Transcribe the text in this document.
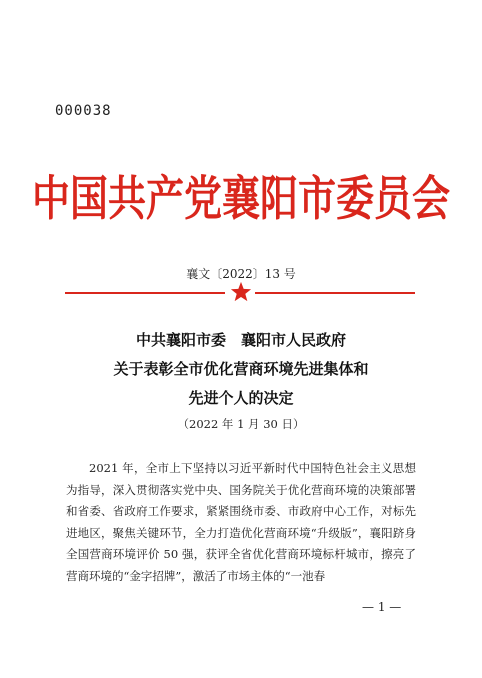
000038
中国共产党襄阳市委员会
襄文〔2022〕13 号
中共襄阳市委　襄阳市人民政府
关于表彰全市优化营商环境先进集体和
先进个人的决定
（2022 年 1 月 30 日）

2021 年，全市上下坚持以习近平新时代中国特色社会主义思想为指导，深入贯彻落实党中央、国务院关于优化营商环境的决策部署和省委、省政府工作要求，紧紧围绕市委、市政府中心工作，对标先进地区，聚焦关键环节，全力打造优化营商环境“升级版”，襄阳跻身全国营商环境评价 50 强，获评全省优化营商环境标杆城市，擦亮了营商环境的“金字招牌”，激活了市场主体的“一池春

— 1 —
